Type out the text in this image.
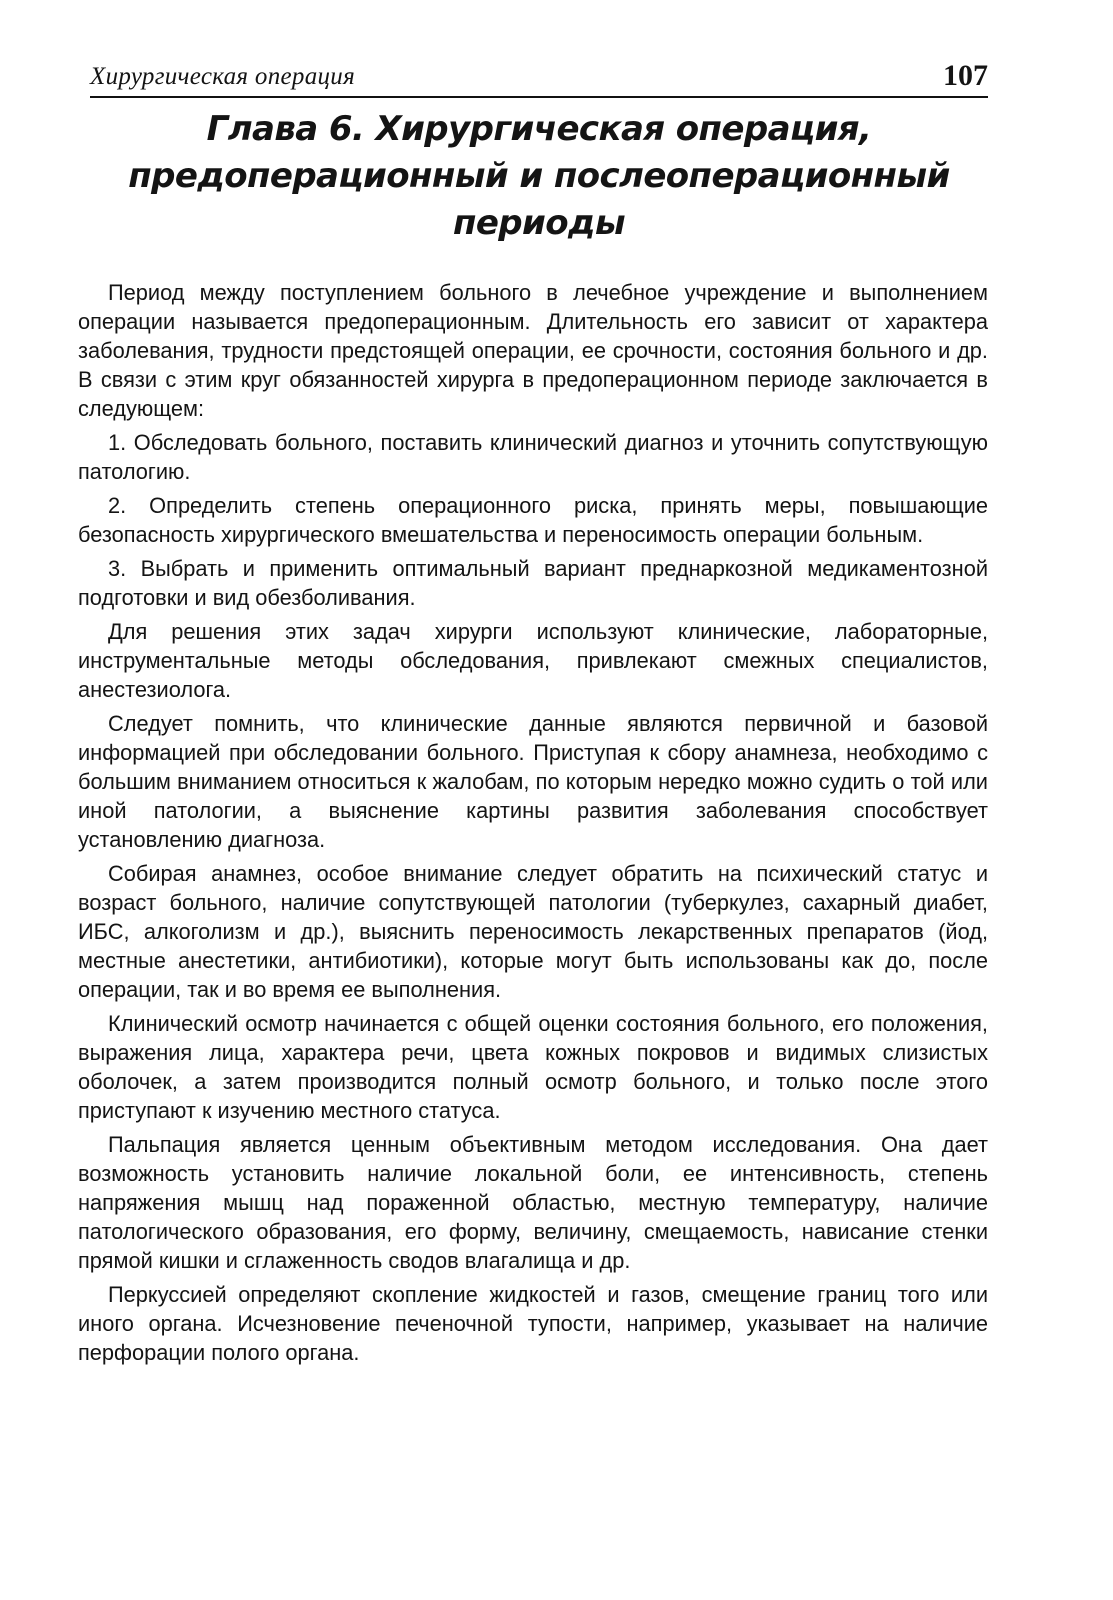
Хирургическая операция	107
Глава 6. Хирургическая операция,
предоперационный и послеоперационный
периоды

Период между поступлением больного в лечебное учреждение и выполнением операции называется предоперационным. Длительность его зависит от характера заболевания, трудности предстоящей операции, ее срочности, состояния больного и др. В связи с этим круг обязанностей хирурга в предоперационном периоде заключается в следующем:

1. Обследовать больного, поставить клинический диагноз и уточнить сопутствующую патологию.

2. Определить степень операционного риска, принять меры, повышающие безопасность хирургического вмешательства и переносимость операции больным.

3. Выбрать и применить оптимальный вариант преднаркозной медикаментозной подготовки и вид обезболивания.

Для решения этих задач хирурги используют клинические, лабораторные, инструментальные методы обследования, привлекают смежных специалистов, анестезиолога.

Следует помнить, что клинические данные являются первичной и базовой информацией при обследовании больного. Приступая к сбору анамнеза, необходимо с большим вниманием относиться к жалобам, по которым нередко можно судить о той или иной патологии, а выяснение картины развития заболевания способствует установлению диагноза.

Собирая анамнез, особое внимание следует обратить на психический статус и возраст больного, наличие сопутствующей патологии (туберкулез, сахарный диабет, ИБС, алкоголизм и др.), выяснить переносимость лекарственных препаратов (йод, местные анестетики, антибиотики), которые могут быть использованы как до, после операции, так и во время ее выполнения.

Клинический осмотр начинается с общей оценки состояния больного, его положения, выражения лица, характера речи, цвета кожных покровов и видимых слизистых оболочек, а затем производится полный осмотр больного, и только после этого приступают к изучению местного статуса.

Пальпация является ценным объективным методом исследования. Она дает возможность установить наличие локальной боли, ее интенсивность, степень напряжения мышц над пораженной областью, местную температуру, наличие патологического образования, его форму, величину, смещаемость, нависание стенки прямой кишки и сглаженность сводов влагалища и др.

Перкуссией определяют скопление жидкостей и газов, смещение границ того или иного органа. Исчезновение печеночной тупости, например, указывает на наличие перфорации полого органа.
